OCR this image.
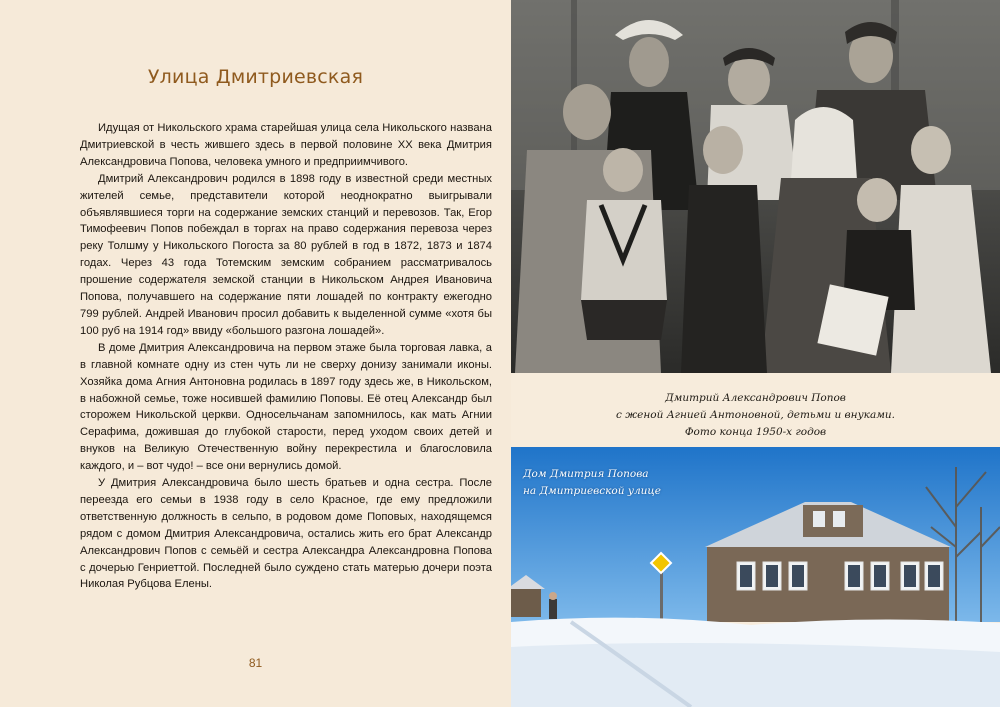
Улица Дмитриевская

Идущая от Никольского храма старейшая улица села Никольского названа Дмитриевской в честь жившего здесь в первой половине XX века Дмитрия Александровича Попова, человека умного и предприимчивого.

Дмитрий Александрович родился в 1898 году в известной среди местных жителей семье, представители которой неоднократно выигрывали объявлявшиеся торги на содержание земских станций и перевозов. Так, Егор Тимофеевич Попов побеждал в торгах на право содержания перевоза через реку Толшму у Никольского Погоста за 80 рублей в год в 1872, 1873 и 1874 годах. Через 43 года Тотемским земским собранием рассматривалось прошение содержателя земской станции в Никольском Андрея Ивановича Попова, получавшего на содержание пяти лошадей по контракту ежегодно 799 рублей. Андрей Иванович просил добавить к выделенной сумме «хотя бы 100 руб на 1914 год» ввиду «большого разгона лошадей».

В доме Дмитрия Александровича на первом этаже была торговая лавка, а в главной комнате одну из стен чуть ли не сверху донизу занимали иконы. Хозяйка дома Агния Антоновна родилась в 1897 году здесь же, в Никольском, в набожной семье, тоже носившей фамилию Поповы. Её отец Александр был сторожем Никольской церкви. Односельчанам запомнилось, как мать Агнии Серафима, дожившая до глубокой старости, перед уходом своих детей и внуков на Великую Отечественную войну перекрестила и благословила каждого, и – вот чудо! – все они вернулись домой.

У Дмитрия Александровича было шесть братьев и одна сестра. После переезда его семьи в 1938 году в село Красное, где ему предложили ответственную должность в сельпо, в родовом доме Поповых, находящемся рядом с домом Дмитрия Александровича, остались жить его брат Александр Александрович Попов с семьёй и сестра Александра Александровна Попова с дочерью Генриеттой. Последней было суждено стать матерью дочери поэта Николая Рубцова Елены.

81
Дмитрий Александрович Попов
с женой Агнией Антоновной, детьми и внуками.
Фото конца 1950-х годов
Дом Дмитрия Попова
на Дмитриевской улице
